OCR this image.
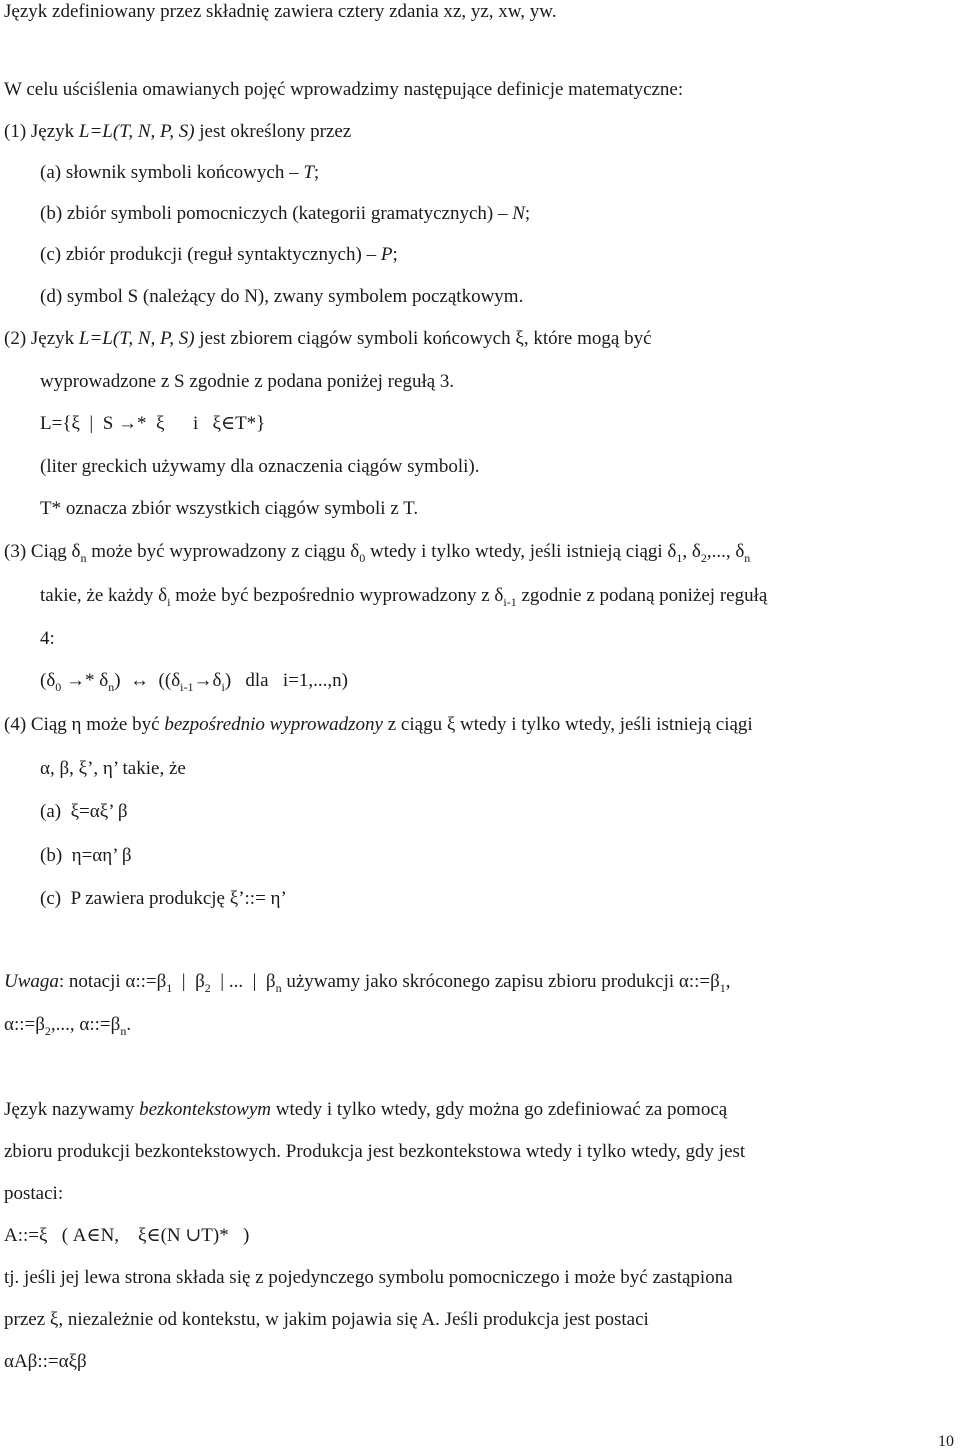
Język zdefiniowany przez składnię zawiera cztery zdania xz, yz, xw, yw.
W celu uściślenia omawianych pojęć wprowadzimy następujące definicje matematyczne:
(1) Język L=L(T, N, P, S) jest określony przez
(a) słownik symboli końcowych – T;
(b) zbiór symboli pomocniczych (kategorii gramatycznych) – N;
(c) zbiór produkcji (reguł syntaktycznych) – P;
(d) symbol S (należący do N), zwany symbolem początkowym.
(2) Język L=L(T, N, P, S) jest zbiorem ciągów symboli końcowych ξ, które mogą być
wyprowadzone z S zgodnie z podana poniżej regułą 3.
L={ξ  |  S →*  ξ      i   ξ∈T*}
(liter greckich używamy dla oznaczenia ciągów symboli).
T* oznacza zbiór wszystkich ciągów symboli z T.
(3) Ciąg $\delta_n$ może być wyprowadzony z ciągu $\delta_0$ wtedy i tylko wtedy, jeśli istnieją ciągi $\delta_1$, $\delta_2$,..., $\delta_n$
takie, że każdy $\delta_i$ może być bezpośrednio wyprowadzony z $\delta_{i-1}$ zgodnie z podaną poniżej regułą
4:
$(\delta_0 \to* \delta_n)$  ↔  ($(\delta_{i-1}\to\delta_i)$   dla   i=1,...,n)
(4) Ciąg η może być bezpośrednio wyprowadzony z ciągu ξ wtedy i tylko wtedy, jeśli istnieją ciągi
α, β, ξ’, η’ takie, że
(a)  ξ=αξ’ β
(b)  η=αη’ β
(c)  P zawiera produkcję ξ’::= η’
Uwaga: notacji $\alpha::=\beta_1$  |  $\beta_2$  | ...  |  $\beta_n$ używamy jako skróconego zapisu zbioru produkcji $\alpha::=\beta_1$,
$\alpha::=\beta_2$,..., $\alpha::=\beta_n$.
Język nazywamy bezkontekstowym wtedy i tylko wtedy, gdy można go zdefiniować za pomocą
zbioru produkcji bezkontekstowych. Produkcja jest bezkontekstowa wtedy i tylko wtedy, gdy jest
postaci:
A::=ξ   ( A∈N,    ξ∈(N ∪T)*   )
tj. jeśli jej lewa strona składa się z pojedynczego symbolu pomocniczego i może być zastąpiona
przez ξ, niezależnie od kontekstu, w jakim pojawia się A. Jeśli produkcja jest postaci
αAβ::=αξβ
10
